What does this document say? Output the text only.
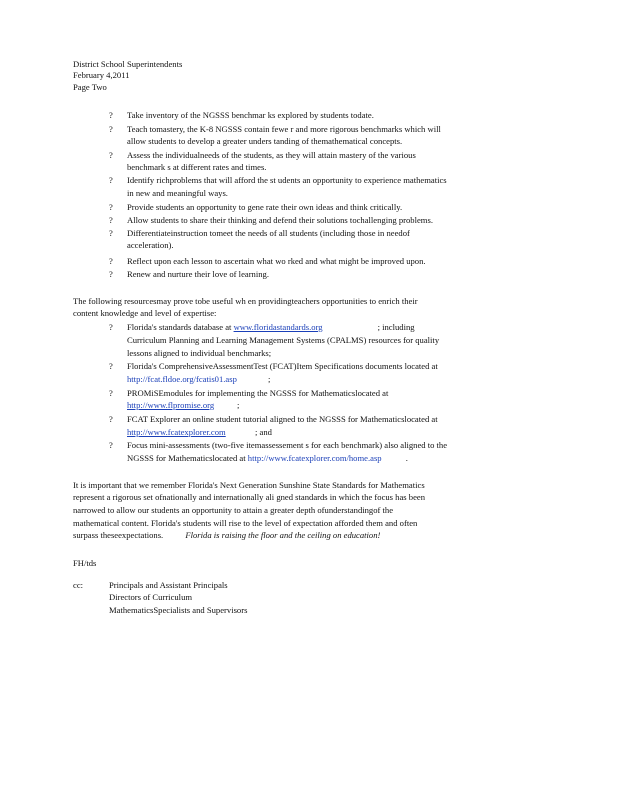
District School Superintendents
February 4,2011
Page Two
? Take inventory of the NGSSS benchmar ks explored by students todate.
? Teach tomastery, the K-8 NGSSS contain fewe r and more rigorous benchmarks which will
allow students to develop a greater unders tanding of themathematical concepts.
? Assess the individualneeds of the students, as they will attain mastery of the various
benchmark s at different rates and times.
? Identify richproblems that will afford the st udents an opportunity to experience mathematics
in new and meaningful ways.
? Provide students an opportunity to gene rate their own ideas and think critically.
? Allow students to share their thinking and defend their solutions tochallenging problems.
? Differentiateinstruction tomeet the needs of all students (including those in needof
acceleration).
? Reflect upon each lesson to ascertain what wo rked and what might be improved upon.
? Renew and nurture their love of learning.
The following resourcesmay prove tobe useful wh en providingteachers opportunities to enrich their
content knowledge and level of expertise:
? Florida's standards database at www.floridastandards.org	; including
Curriculum Planning and Learning Management Systems (CPALMS) resources for quality
lessons aligned to individual benchmarks;
? Florida's ComprehensiveAssessmentTest (FCAT)Item Specifications documents located at
http://fcat.fldoe.org/fcatis01.asp	;
? PROMiSEmodules for implementing the NGSSS for Mathematicslocated at
http://www.flpromise.org	;
? FCAT Explorer an online student tutorial aligned to the NGSSS for Mathematicslocated at
http://www.fcatexplorer.com	; and
? Focus mini-assessments (two-five itemassessement s for each benchmark) also aligned to the
NGSSS for Mathematicslocated at http://www.fcatexplorer.com/home.asp	.
It is important that we remember Florida's Next Generation Sunshine State Standards for Mathematics
represent a rigorous set ofnationally and internationally ali gned standards in which the focus has been
narrowed to allow our students an opportunity to attain a greater depth ofunderstandingof the
mathematical content. Florida's students will rise to the level of expectation afforded them and often
surpass theseexpectations.	Florida is raising the floor and the ceiling on education!
FH/tds
cc:	Principals and Assistant Principals
Directors of Curriculum
MathematicsSpecialists and Supervisors
